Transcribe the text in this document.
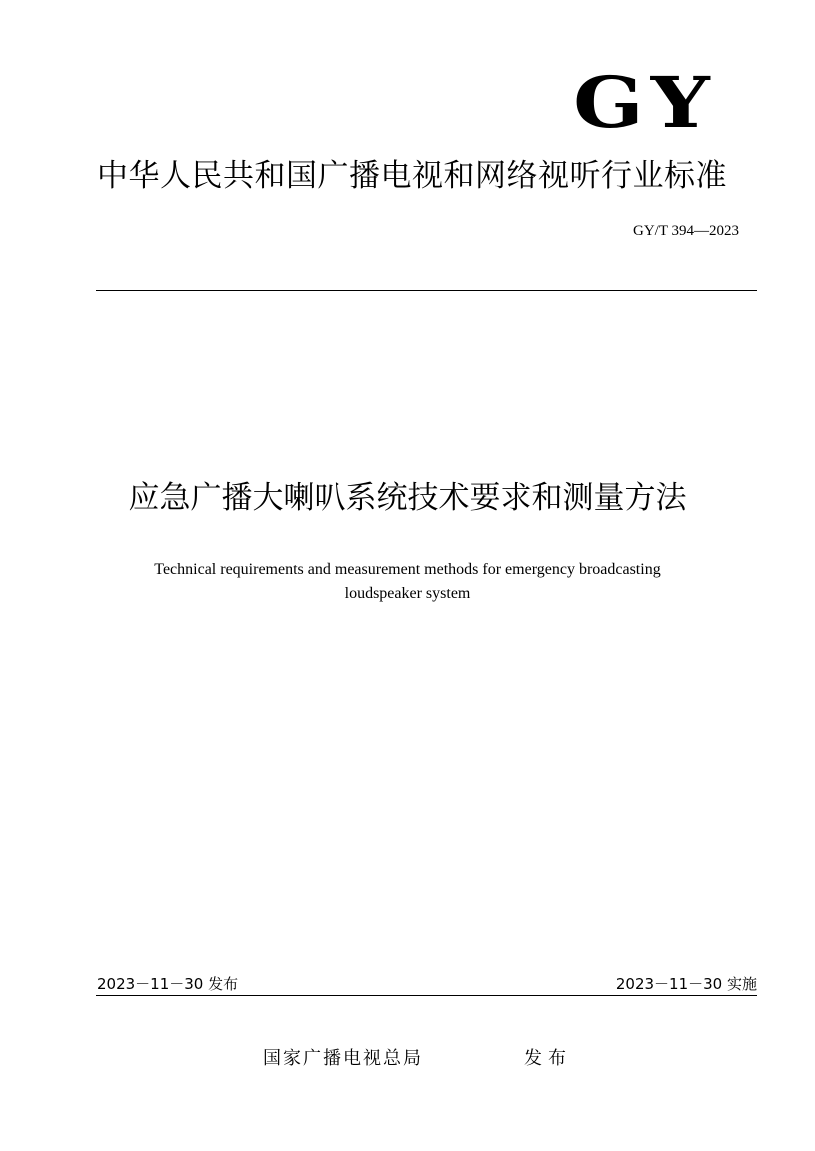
GY
中华人民共和国广播电视和网络视听行业标准
GY/T 394—2023
应急广播大喇叭系统技术要求和测量方法
Technical requirements and measurement methods for emergency broadcasting
loudspeaker system
2023－11－30 发布	2023－11－30 实施
国家广播电视总局	发布
